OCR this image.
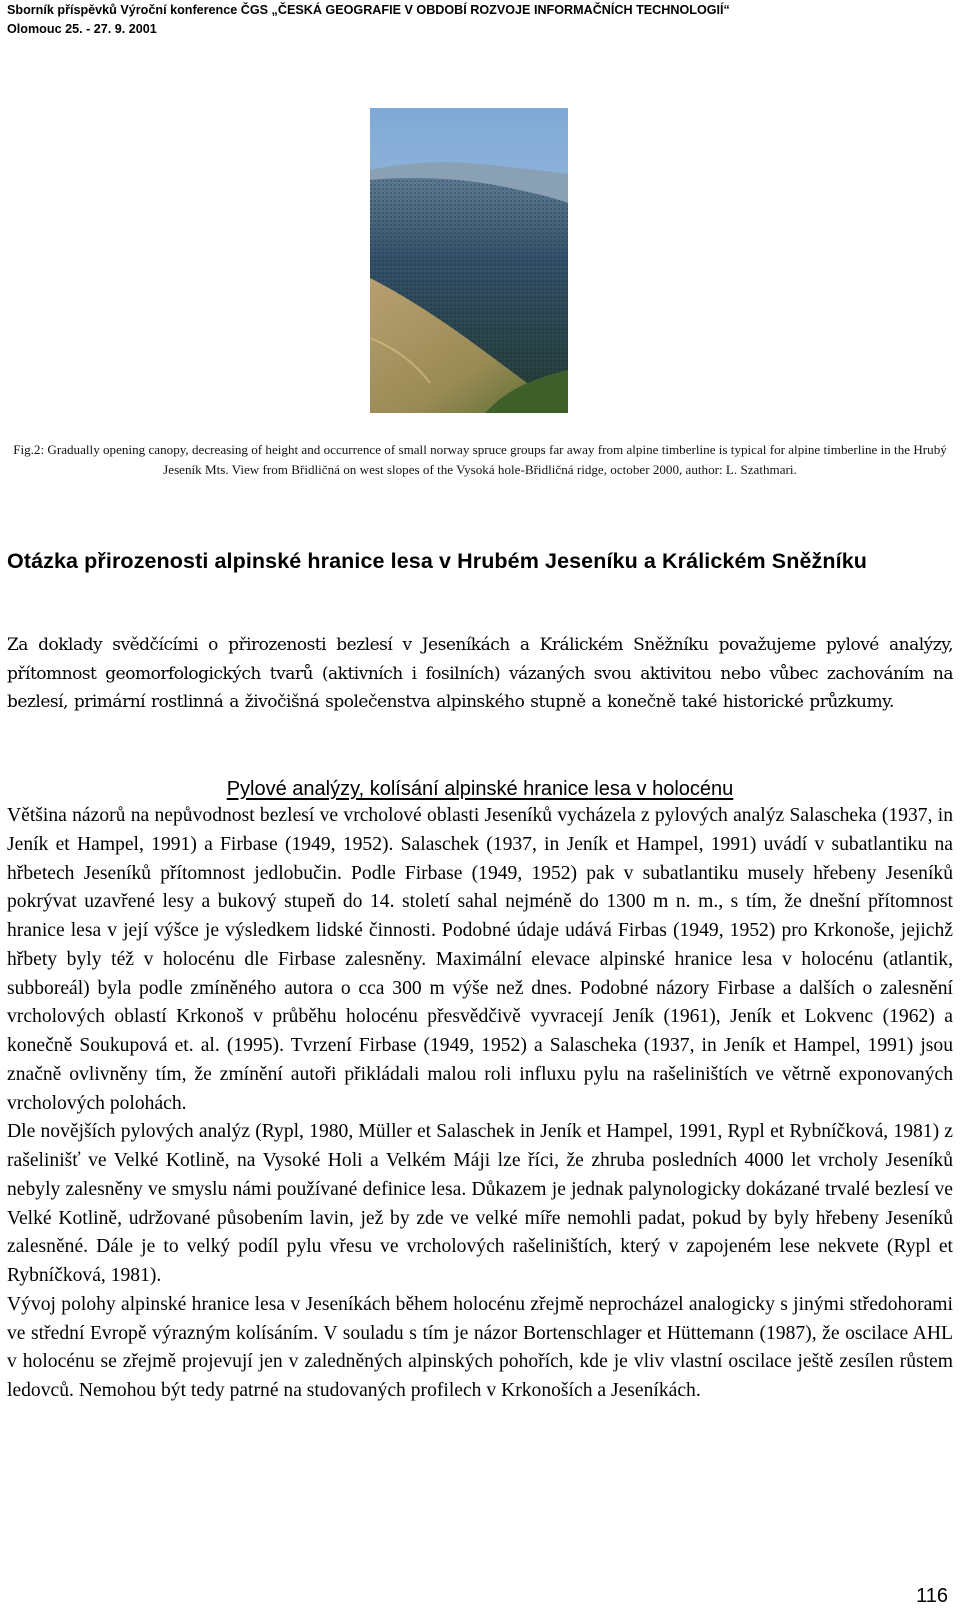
Sborník příspěvků Výroční konference ČGS „ČESKÁ GEOGRAFIE V OBDOBÍ ROZVOJE INFORMAČNÍCH TECHNOLOGIÍ“
Olomouc 25. - 27. 9. 2001
Fig.2: Gradually opening canopy, decreasing of height and occurrence of small norway spruce groups far away from alpine timberline is typical for alpine timberline in the Hrubý Jeseník Mts. View from Břidličná on west slopes of the Vysoká hole-Břidličná ridge, october 2000, author: L. Szathmari.
Otázka přirozenosti alpinské hranice lesa v Hrubém Jeseníku a Králickém Sněžníku
Za doklady svědčícími o přirozenosti bezlesí v Jeseníkách a Králickém Sněžníku považujeme pylové analýzy, přítomnost geomorfologických tvarů (aktivních i fosilních) vázaných svou aktivitou nebo vůbec zachováním na bezlesí, primární rostlinná a živočišná společenstva alpinského stupně a konečně také historické průzkumy.
Pylové analýzy, kolísání alpinské hranice lesa v holocénu

Většina názorů na nepůvodnost bezlesí ve vrcholové oblasti Jeseníků vycházela z pylových analýz Salascheka (1937, in Jeník et Hampel, 1991) a Firbase (1949, 1952). Salaschek (1937, in Jeník et Hampel, 1991) uvádí v subatlantiku na hřbetech Jeseníků přítomnost jedlobučin. Podle Firbase (1949, 1952) pak v subatlantiku musely hřebeny Jeseníků pokrývat uzavřené lesy a bukový stupeň do 14. století sahal nejméně do 1300 m n. m., s tím, že dnešní přítomnost hranice lesa v její výšce je výsledkem lidské činnosti. Podobné údaje udává Firbas (1949, 1952) pro Krkonoše, jejichž hřbety byly též v holocénu dle Firbase zalesněny. Maximální elevace alpinské hranice lesa v holocénu (atlantik, subboreál) byla podle zmíněného autora o cca 300 m výše než dnes. Podobné názory Firbase a dalších o zalesnění vrcholových oblastí Krkonoš v průběhu holocénu přesvědčivě vyvracejí Jeník (1961), Jeník et Lokvenc (1962) a konečně Soukupová et. al. (1995). Tvrzení Firbase (1949, 1952) a Salascheka (1937, in Jeník et Hampel, 1991) jsou značně ovlivněny tím, že zmínění autoři přikládali malou roli influxu pylu na rašeliništích ve větrně exponovaných vrcholových polohách.

Dle novějších pylových analýz (Rypl, 1980, Müller et Salaschek in Jeník et Hampel, 1991, Rypl et Rybníčková, 1981) z rašelinišť ve Velké Kotlině, na Vysoké Holi a Velkém Máji lze říci, že zhruba posledních 4000 let vrcholy Jeseníků nebyly zalesněny ve smyslu námi používané definice lesa. Důkazem je jednak palynologicky dokázané trvalé bezlesí ve Velké Kotlině, udržované působením lavin, jež by zde ve velké míře nemohli padat, pokud by byly hřebeny Jeseníků zalesněné. Dále je to velký podíl pylu vřesu ve vrcholových rašeliništích, který v zapojeném lese nekvete (Rypl et Rybníčková, 1981).

Vývoj polohy alpinské hranice lesa v Jeseníkách během holocénu zřejmě neprocházel analogicky s jinými středohorami ve střední Evropě výrazným kolísáním. V souladu s tím je názor Bortenschlager et Hüttemann (1987), že oscilace AHL v holocénu se zřejmě projevují jen v zaledněných alpinských pohořích, kde je vliv vlastní oscilace ještě zesílen růstem ledovců. Nemohou být tedy patrné na studovaných profilech v Krkonoších a Jeseníkách.

116
